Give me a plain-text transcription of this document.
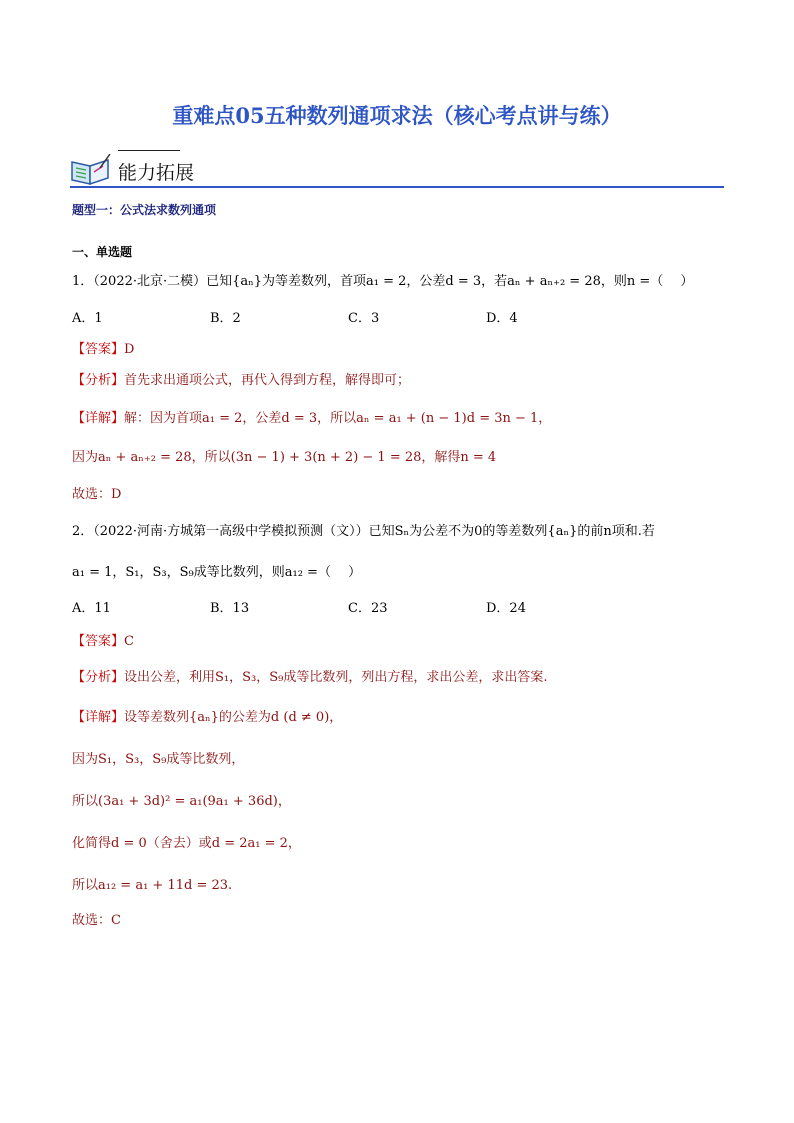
重难点05五种数列通项求法（核心考点讲与练）
能力拓展
题型一：公式法求数列通项
一、单选题
1．（2022·北京·二模）已知{aₙ}为等差数列，首项a₁ = 2，公差d = 3，若aₙ + aₙ₊₂ = 28，则n =（　 ）
A．1	B．2	C．3	D．4
【答案】D
【分析】首先求出通项公式，再代入得到方程，解得即可；
【详解】解：因为首项a₁ = 2，公差d = 3，所以aₙ = a₁ + (n − 1)d = 3n − 1，
因为aₙ + aₙ₊₂ = 28，所以(3n − 1) + 3(n + 2) − 1 = 28，解得n = 4
故选：D
2．（2022·河南·方城第一高级中学模拟预测（文））已知Sₙ为公差不为0的等差数列{aₙ}的前n项和.若
a₁ = 1，S₁，S₃，S₉成等比数列，则a₁₂ =（　 ）
A．11	B．13	C．23	D．24
【答案】C
【分析】设出公差，利用S₁，S₃，S₉成等比数列，列出方程，求出公差，求出答案.
【详解】设等差数列{aₙ}的公差为d (d ≠ 0)，
因为S₁，S₃，S₉成等比数列，
所以(3a₁ + 3d)² = a₁(9a₁ + 36d)，
化简得d = 0（舍去）或d = 2a₁ = 2，
所以a₁₂ = a₁ + 11d = 23.
故选：C
